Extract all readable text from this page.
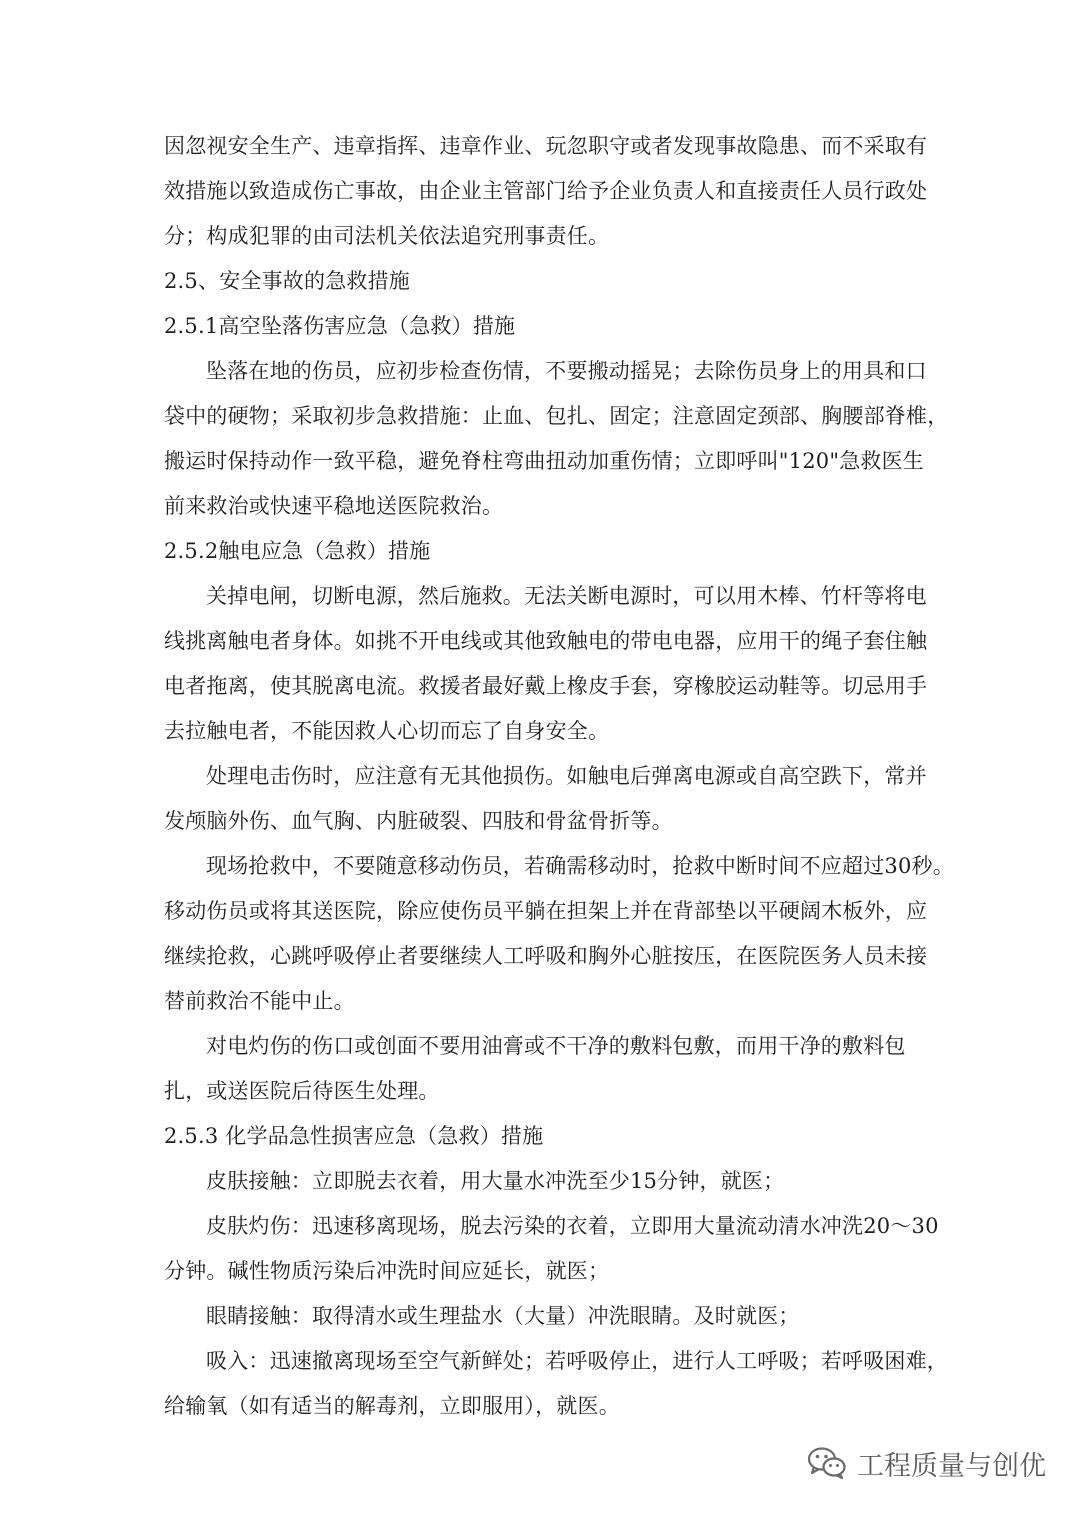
因忽视安全生产、违章指挥、违章作业、玩忽职守或者发现事故隐患、而不采取有
效措施以致造成伤亡事故，由企业主管部门给予企业负责人和直接责任人员行政处
分；构成犯罪的由司法机关依法追究刑事责任。
2.5、安全事故的急救措施
2.5.1高空坠落伤害应急（急救）措施
坠落在地的伤员，应初步检查伤情，不要搬动摇晃；去除伤员身上的用具和口
袋中的硬物；采取初步急救措施：止血、包扎、固定；注意固定颈部、胸腰部脊椎，
搬运时保持动作一致平稳，避免脊柱弯曲扭动加重伤情；立即呼叫"120"急救医生
前来救治或快速平稳地送医院救治。
2.5.2触电应急（急救）措施
关掉电闸，切断电源，然后施救。无法关断电源时，可以用木棒、竹杆等将电
线挑离触电者身体。如挑不开电线或其他致触电的带电电器，应用干的绳子套住触
电者拖离，使其脱离电流。救援者最好戴上橡皮手套，穿橡胶运动鞋等。切忌用手
去拉触电者，不能因救人心切而忘了自身安全。
处理电击伤时，应注意有无其他损伤。如触电后弹离电源或自高空跌下，常并
发颅脑外伤、血气胸、内脏破裂、四肢和骨盆骨折等。
现场抢救中，不要随意移动伤员，若确需移动时，抢救中断时间不应超过30秒。
移动伤员或将其送医院，除应使伤员平躺在担架上并在背部垫以平硬阔木板外，应
继续抢救，心跳呼吸停止者要继续人工呼吸和胸外心脏按压，在医院医务人员未接
替前救治不能中止。
对电灼伤的伤口或创面不要用油膏或不干净的敷料包敷，而用干净的敷料包
扎，或送医院后待医生处理。
2.5.3 化学品急性损害应急（急救）措施
皮肤接触：立即脱去衣着，用大量水冲洗至少15分钟，就医；
皮肤灼伤：迅速移离现场，脱去污染的衣着，立即用大量流动清水冲洗20～30
分钟。碱性物质污染后冲洗时间应延长，就医；
眼睛接触：取得清水或生理盐水（大量）冲洗眼睛。及时就医；
吸入：迅速撤离现场至空气新鲜处；若呼吸停止，进行人工呼吸；若呼吸困难，
给输氧（如有适当的解毒剂，立即服用），就医。
工程质量与创优
